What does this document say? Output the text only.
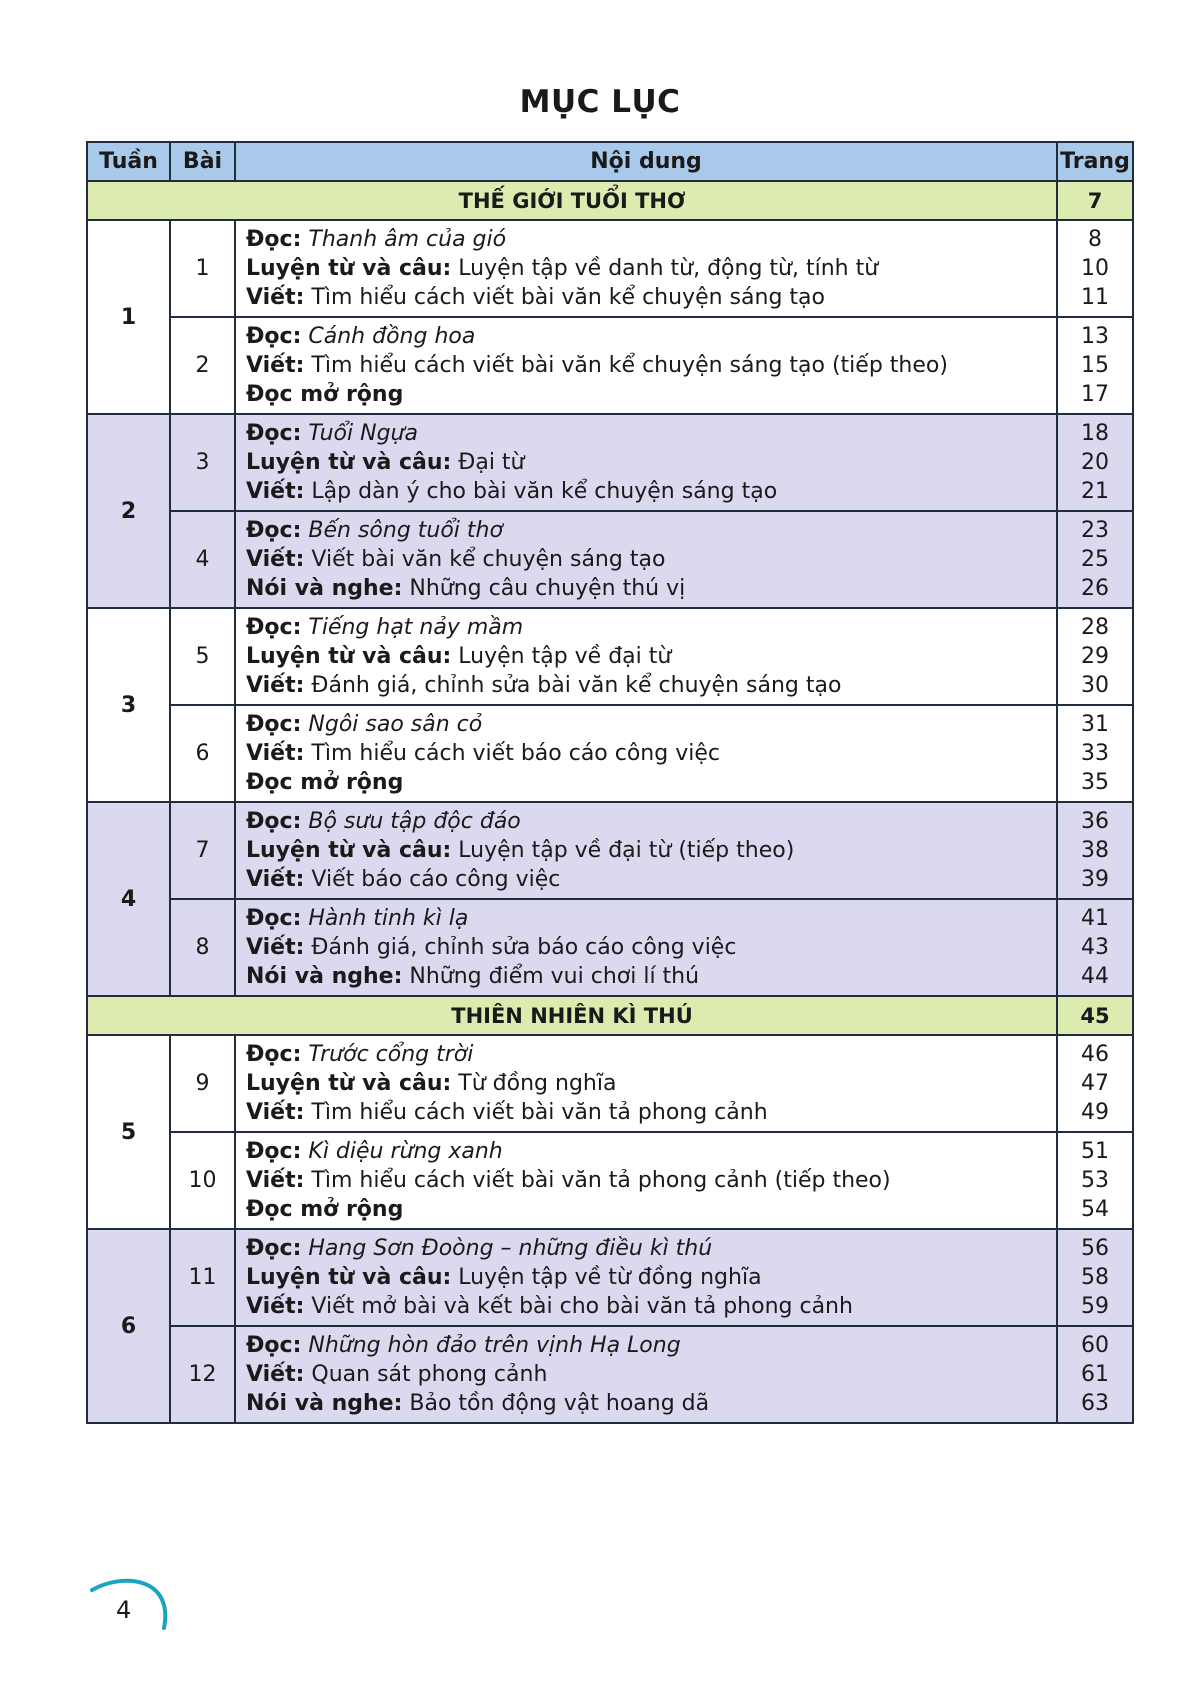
MỤC LỤC
Tuần	Bài	Nội dung	Trang
THẾ GIỚI TUỔI THƠ			7
1	1	Đọc: Thanh âm của gió
Luyện từ và câu: Luyện tập về danh từ, động từ, tính từ
Viết: Tìm hiểu cách viết bài văn kể chuyện sáng tạo	8
10
11

	2	Đọc: Cánh đồng hoa
Viết: Tìm hiểu cách viết bài văn kể chuyện sáng tạo (tiếp theo)
Đọc mở rộng	13
15
17

2	3	Đọc: Tuổi Ngựa
Luyện từ và câu: Đại từ
Viết: Lập dàn ý cho bài văn kể chuyện sáng tạo	18
20
21

	4	Đọc: Bến sông tuổi thơ
Viết: Viết bài văn kể chuyện sáng tạo
Nói và nghe: Những câu chuyện thú vị	23
25
26

3	5	Đọc: Tiếng hạt nảy mầm
Luyện từ và câu: Luyện tập về đại từ
Viết: Đánh giá, chỉnh sửa bài văn kể chuyện sáng tạo	28
29
30

	6	Đọc: Ngôi sao sân cỏ
Viết: Tìm hiểu cách viết báo cáo công việc
Đọc mở rộng	31
33
35

4	7	Đọc: Bộ sưu tập độc đáo
Luyện từ và câu: Luyện tập về đại từ (tiếp theo)
Viết: Viết báo cáo công việc	36
38
39

	8	Đọc: Hành tinh kì lạ
Viết: Đánh giá, chỉnh sửa báo cáo công việc
Nói và nghe: Những điểm vui chơi lí thú	41
43
44

THIÊN NHIÊN KÌ THÚ			45
5	9	Đọc: Trước cổng trời
Luyện từ và câu: Từ đồng nghĩa
Viết: Tìm hiểu cách viết bài văn tả phong cảnh	46
47
49

	10	Đọc: Kì diệu rừng xanh
Viết: Tìm hiểu cách viết bài văn tả phong cảnh (tiếp theo)
Đọc mở rộng	51
53
54

6	11	Đọc: Hang Sơn Đoòng – những điều kì thú
Luyện từ và câu: Luyện tập về từ đồng nghĩa
Viết: Viết mở bài và kết bài cho bài văn tả phong cảnh	56
58
59

	12	Đọc: Những hòn đảo trên vịnh Hạ Long
Viết: Quan sát phong cảnh
Nói và nghe: Bảo tồn động vật hoang dã	60
61
63
4
